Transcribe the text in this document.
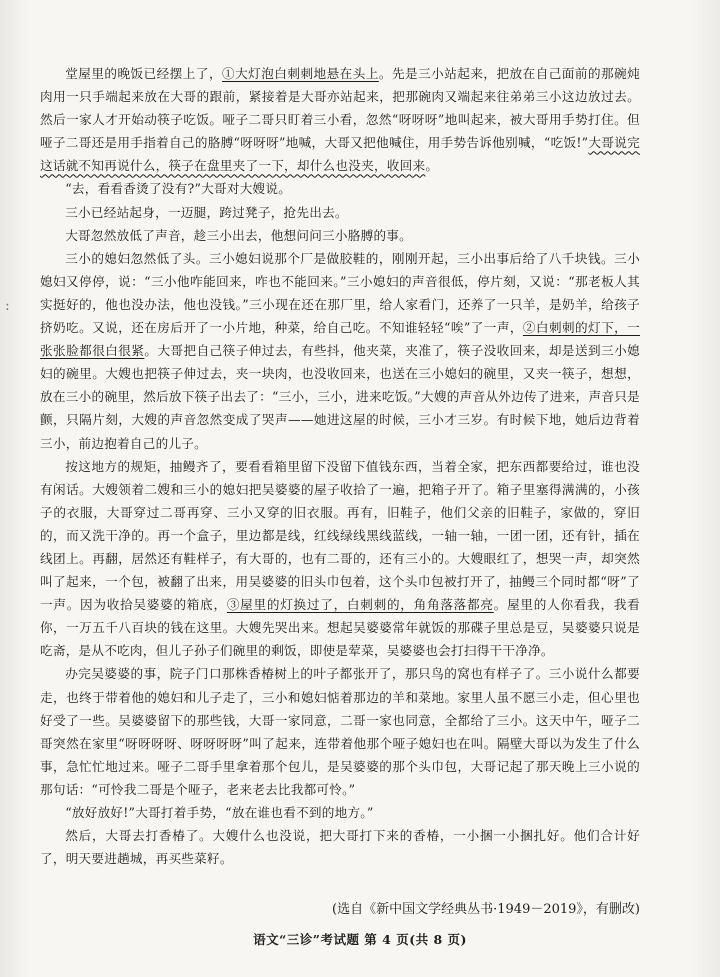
:

堂屋里的晚饭已经摆上了，①大灯泡白刺刺地悬在头上。先是三小站起来，把放在自己面前的那碗炖肉用一只手端起来放在大哥的跟前，紧接着是大哥亦站起来，把那碗肉又端起来往弟弟三小这边放过去。然后一家人才开始动筷子吃饭。哑子二哥只盯着三小看，忽然“呀呀呀”地叫起来，被大哥用手势打住。但哑子二哥还是用手指着自己的胳膊“呀呀呀”地喊，大哥又把他喊住，用手势告诉他别喊，“吃饭!”大哥说完这话就不知再说什么，筷子在盘里夹了一下，却什么也没夹，收回来。

“去，看看香烫了没有?”大哥对大嫂说。

三小已经站起身，一迈腿，跨过凳子，抢先出去。

大哥忽然放低了声音，趁三小出去，他想问问三小胳膊的事。

三小的媳妇忽然低了头。三小媳妇说那个厂是做胶鞋的，刚刚开起，三小出事后给了八千块钱。三小媳妇又停停，说：“三小他咋能回来，咋也不能回来。”三小媳妇的声音很低，停片刻，又说：“那老板人其实挺好的，他也没办法，他也没钱。”三小现在还在那厂里，给人家看门，还养了一只羊，是奶羊，给孩子挤奶吃。又说，还在房后开了一小片地，种菜，给自己吃。不知谁轻轻“唉”了一声，②白刺刺的灯下，一张张脸都很白很紧。大哥把自己筷子伸过去，有些抖，他夹菜，夹准了，筷子没收回来，却是送到三小媳妇的碗里。大嫂也把筷子伸过去，夹一块肉，也没收回来，也送在三小媳妇的碗里，又夹一筷子，想想，放在三小的碗里，然后放下筷子出去了：“三小，三小，进来吃饭。”大嫂的声音从外边传了进来，声音只是颤，只隔片刻，大嫂的声音忽然变成了哭声——她进这屋的时候，三小才三岁。有时候下地，她后边背着三小，前边抱着自己的儿子。

按这地方的规矩，抽鳗齐了，要看看箱里留下没留下值钱东西，当着全家，把东西都要给过，谁也没有闲话。大嫂领着二嫂和三小的媳妇把吴婆婆的屋子收拾了一遍，把箱子开了。箱子里塞得满满的，小孩子的衣服，大哥穿过二哥再穿、三小又穿的旧衣服。再有，旧鞋子，他们父亲的旧鞋子，家做的，穿旧的，而又洗干净的。再一个盒子，里边都是线，红线绿线黑线蓝线，一轴一轴，一团一团，还有针，插在线团上。再翻，居然还有鞋样子，有大哥的，也有二哥的，还有三小的。大嫂眼红了，想哭一声，却突然叫了起来，一个包，被翻了出来，用吴婆婆的旧头巾包着，这个头巾包被打开了，抽鳗三个同时都“呀”了一声。因为收拾吴婆婆的箱底，③屋里的灯换过了，白刺刺的，角角落落都亮。屋里的人你看我，我看你，一万五千八百块的钱在这里。大嫂先哭出来。想起吴婆婆常年就饭的那碟子里总是豆，吴婆婆只说是吃斋，是从不吃肉，但儿子孙子们碗里的剩饭，即使是荤菜，吴婆婆也会打扫得干干净净。

办完吴婆婆的事，院子门口那株香椿树上的叶子都张开了，那只鸟的窝也有样子了。三小说什么都要走，也终于带着他的媳妇和儿子走了，三小和媳妇惦着那边的羊和菜地。家里人虽不愿三小走，但心里也好受了一些。吴婆婆留下的那些钱，大哥一家同意，二哥一家也同意，全都给了三小。这天中午，哑子二哥突然在家里“呀呀呀呀、呀呀呀呀”叫了起来，连带着他那个哑子媳妇也在叫。隔壁大哥以为发生了什么事，急忙忙地过来。哑子二哥手里拿着那个包儿，是吴婆婆的那个头巾包，大哥记起了那天晚上三小说的那句话：“可怜我二哥是个哑子，老来老去比我都可怜。”

“放好放好!”大哥打着手势，“放在谁也看不到的地方。”

然后，大哥去打香椿了。大嫂什么也没说，把大哥打下来的香椿，一小捆一小捆扎好。他们合计好了，明天要进趟城，再买些菜籽。

(选自《新中国文学经典丛书·1949－2019》，有删改)
语文“三诊”考试题 第 4 页(共 8 页)
